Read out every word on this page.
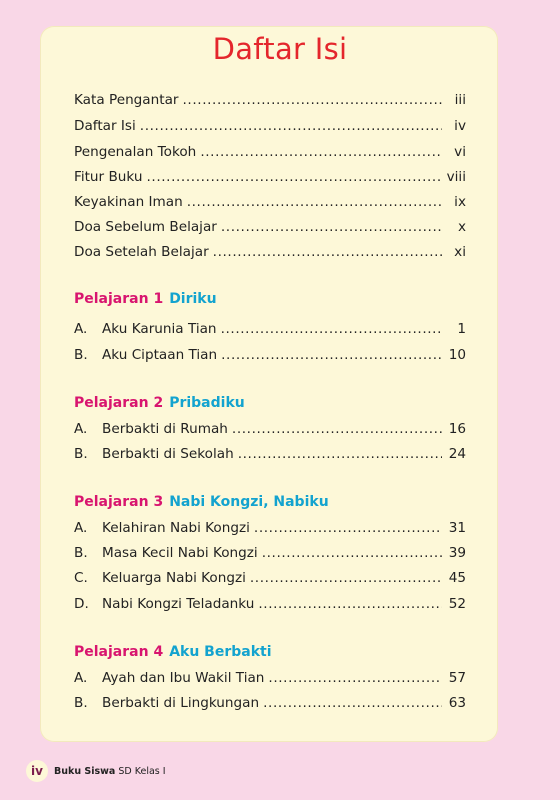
Daftar Isi
Kata Pengantar .....	iii
Daftar Isi .....	iv
Pengenalan Tokoh .....	vi
Fitur Buku .....	viii
Keyakinan Iman .....	ix
Doa Sebelum Belajar .....	x
Doa Setelah Belajar .....	xi
Pelajaran 1 Diriku
A.	Aku Karunia Tian .....	1
B.	Aku Ciptaan Tian .....	10
Pelajaran 2 Pribadiku
A.	Berbakti di Rumah .....	16
B.	Berbakti di Sekolah .....	24
Pelajaran 3 Nabi Kongzi, Nabiku
A.	Kelahiran Nabi Kongzi .....	31
B.	Masa Kecil Nabi Kongzi .....	39
C.	Keluarga Nabi Kongzi .....	45
D. Nabi Kongzi Teladanku .....	52
Pelajaran 4 Aku Berbakti
A.	Ayah dan Ibu Wakil Tian .....	57
B.	Berbakti di Lingkungan .....	63
iv	Buku Siswa SD Kelas I
